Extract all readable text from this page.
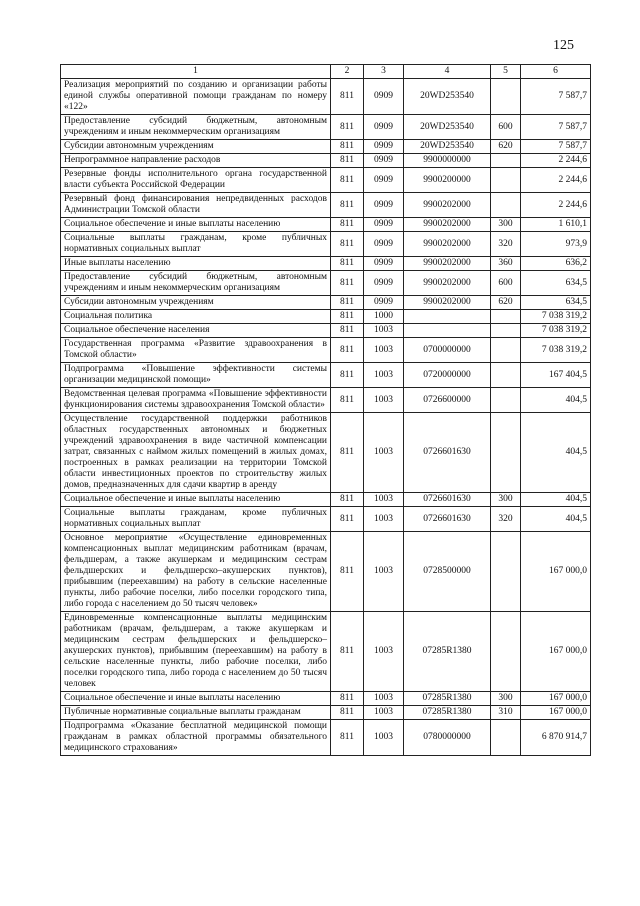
125
1	2	3	4	5	6
Реализация мероприятий по созданию и организации работы единой службы оперативной помощи гражданам по номеру «122»	811	0909	20WD253540		7 587,7
Предоставление субсидий бюджетным, автономным учреждениям и иным некоммерческим организациям	811	0909	20WD253540	600	7 587,7
Субсидии автономным учреждениям	811	0909	20WD253540	620	7 587,7
Непрограммное направление расходов	811	0909	9900000000		2 244,6
Резервные фонды исполнительного органа государственной власти субъекта Российской Федерации	811	0909	9900200000		2 244,6
Резервный фонд финансирования непредвиденных расходов Администрации Томской области	811	0909	9900202000		2 244,6
Социальное обеспечение и иные выплаты населению	811	0909	9900202000	300	1 610,1
Социальные выплаты гражданам, кроме публичных нормативных социальных выплат	811	0909	9900202000	320	973,9
Иные выплаты населению	811	0909	9900202000	360	636,2
Предоставление субсидий бюджетным, автономным учреждениям и иным некоммерческим организациям	811	0909	9900202000	600	634,5
Субсидии автономным учреждениям	811	0909	9900202000	620	634,5
Социальная политика	811	1000			7 038 319,2
Социальное обеспечение населения	811	1003			7 038 319,2
Государственная программа «Развитие здравоохранения в Томской области»	811	1003	0700000000		7 038 319,2
Подпрограмма «Повышение эффективности системы организации медицинской помощи»	811	1003	0720000000		167 404,5
Ведомственная целевая программа «Повышение эффективности функционирования системы здравоохранения Томской области»	811	1003	0726600000		404,5
Осуществление государственной поддержки работников областных государственных автономных и бюджетных учреждений здравоохранения в виде частичной компенсации затрат, связанных с наймом жилых помещений в жилых домах, построенных в рамках реализации на территории Томской области инвестиционных проектов по строительству жилых домов, предназначенных для сдачи квартир в аренду	811	1003	0726601630		404,5
Социальное обеспечение и иные выплаты населению	811	1003	0726601630	300	404,5
Социальные выплаты гражданам, кроме публичных нормативных социальных выплат	811	1003	0726601630	320	404,5
Основное мероприятие «Осуществление единовременных компенсационных выплат медицинским работникам (врачам, фельдшерам, а также акушеркам и медицинским сестрам фельдшерских и фельдшерско–акушерских пунктов), прибывшим (переехавшим) на работу в сельские населенные пункты, либо рабочие поселки, либо поселки городского типа, либо города с населением до 50 тысяч человек»	811	1003	0728500000		167 000,0
Единовременные компенсационные выплаты медицинским работникам (врачам, фельдшерам, а также акушеркам и медицинским сестрам фельдшерских и фельдшерско–акушерских пунктов), прибывшим (переехавшим) на работу в сельские населенные пункты, либо рабочие поселки, либо поселки городского типа, либо города с населением до 50 тысяч человек	811	1003	07285R1380		167 000,0
Социальное обеспечение и иные выплаты населению	811	1003	07285R1380	300	167 000,0
Публичные нормативные социальные выплаты гражданам	811	1003	07285R1380	310	167 000,0
Подпрограмма «Оказание бесплатной медицинской помощи гражданам в рамках областной программы обязательного медицинского страхования»	811	1003	0780000000		6 870 914,7
